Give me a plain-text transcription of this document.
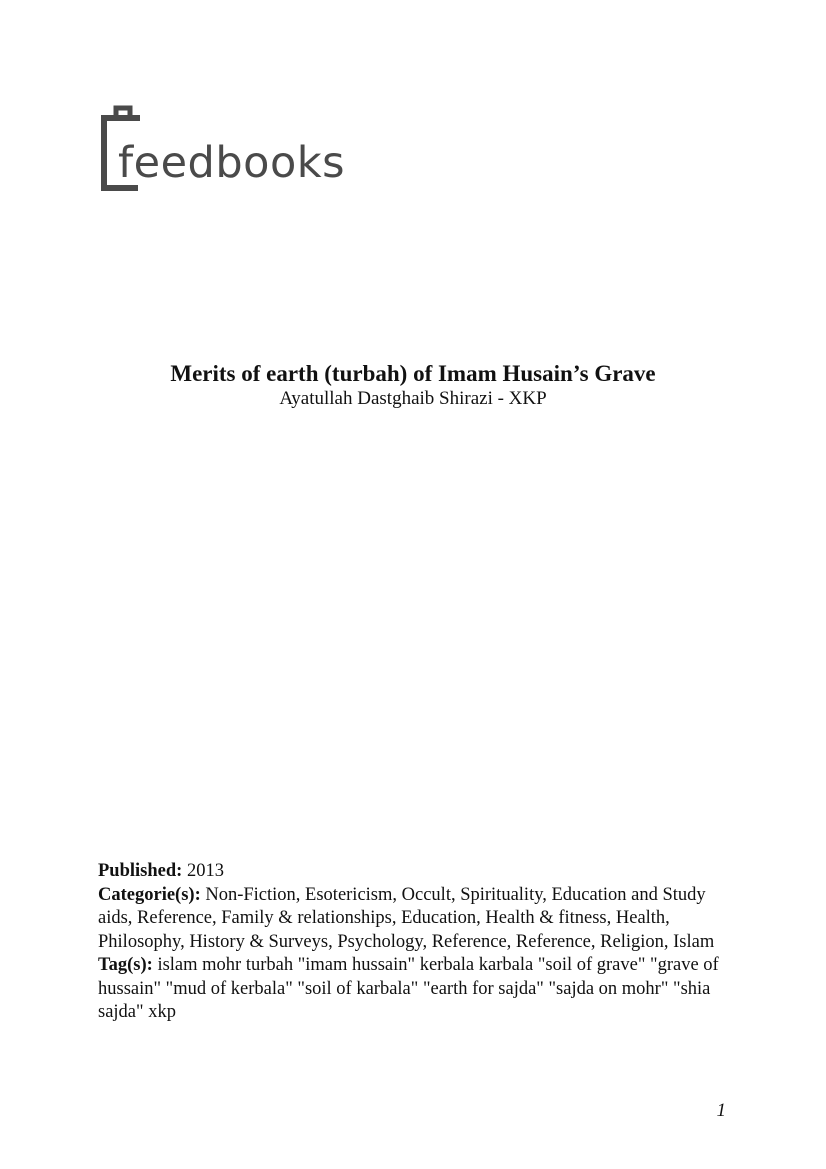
feedbooks

Merits of earth (turbah) of Imam Husain’s Grave

Ayatullah Dastghaib Shirazi - XKP

Published: 2013

Categorie(s): Non-Fiction, Esotericism, Occult, Spirituality, Education and Study aids, Reference, Family & relationships, Education, Health & fitness, Health, Philosophy, History & Surveys, Psychology, Reference, Reference, Religion, Islam

Tag(s): islam mohr turbah "imam hussain" kerbala karbala "soil of grave" "grave of hussain" "mud of kerbala" "soil of karbala" "earth for sajda" "sajda on mohr" "shia sajda" xkp

1
